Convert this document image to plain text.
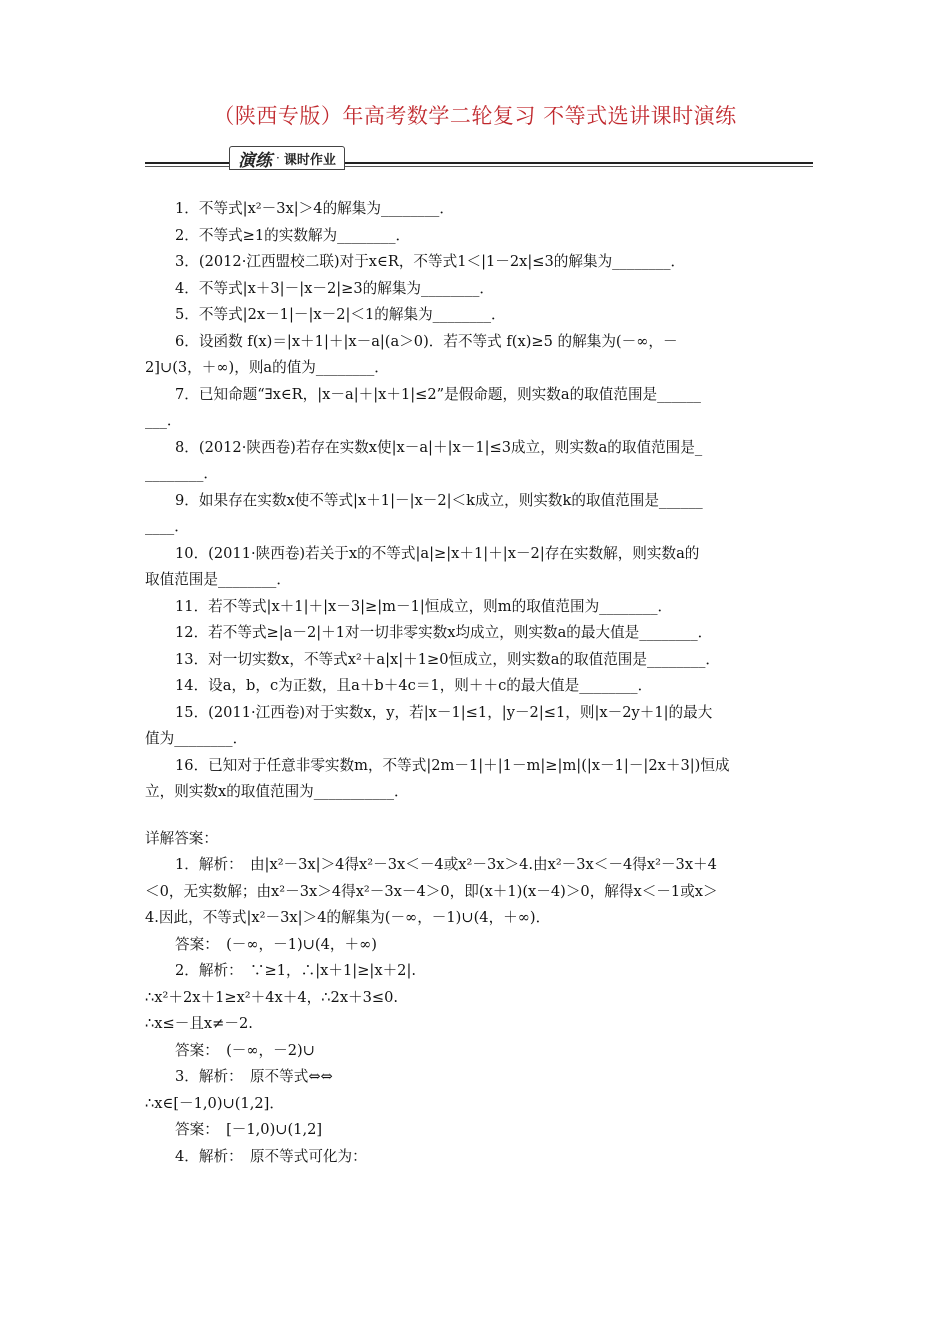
（陕西专版）年高考数学二轮复习 不等式选讲课时演练
演练 · 课时作业

1．不等式|x²－3x|＞4的解集为________．

2．不等式≥1的实数解为________．

3．(2012·江西盟校二联)对于x∈R，不等式1＜|1－2x|≤3的解集为________．

4．不等式|x＋3|－|x－2|≥3的解集为________．

5．不等式|2x－1|－|x－2|＜1的解集为________．

6．设函数 f(x)＝|x＋1|＋|x－a|(a＞0)．若不等式 f(x)≥5 的解集为(－∞，－

2]∪(3，＋∞)，则a的值为________．

7．已知命题“∃x∈R，|x－a|＋|x＋1|≤2”是假命题，则实数a的取值范围是______

___．

8．(2012·陕西卷)若存在实数x使|x－a|＋|x－1|≤3成立，则实数a的取值范围是_

________．

9．如果存在实数x使不等式|x＋1|－|x－2|＜k成立，则实数k的取值范围是______

____．

10．(2011·陕西卷)若关于x的不等式|a|≥|x＋1|＋|x－2|存在实数解，则实数a的

取值范围是________．

11．若不等式|x＋1|＋|x－3|≥|m－1|恒成立，则m的取值范围为________．

12．若不等式≥|a－2|＋1对一切非零实数x均成立，则实数a的最大值是________．

13．对一切实数x，不等式x²＋a|x|＋1≥0恒成立，则实数a的取值范围是________．

14．设a，b，c为正数，且a＋b＋4c＝1，则＋＋c的最大值是________．

15．(2011·江西卷)对于实数x，y，若|x－1|≤1，|y－2|≤1，则|x－2y＋1|的最大

值为________．

16．已知对于任意非零实数m，不等式|2m－1|＋|1－m|≥|m|(|x－1|－|2x＋3|)恒成

立，则实数x的取值范围为___________．

详解答案：

1．解析：　由|x²－3x|＞4得x²－3x＜－4或x²－3x＞4.由x²－3x＜－4得x²－3x＋4

＜0，无实数解；由x²－3x＞4得x²－3x－4＞0，即(x＋1)(x－4)＞0，解得x＜－1或x＞

4.因此，不等式|x²－3x|＞4的解集为(－∞，－1)∪(4，＋∞)．

答案：　(－∞，－1)∪(4，＋∞)

2．解析：　∵≥1，∴|x＋1|≥|x＋2|.

∴x²＋2x＋1≥x²＋4x＋4，∴2x＋3≤0.

∴x≤－且x≠－2.

答案：　(－∞，－2)∪

3．解析：　原不等式⇔⇔

∴x∈[－1,0)∪(1,2]．

答案：　[－1,0)∪(1,2]

4．解析：　原不等式可化为：
